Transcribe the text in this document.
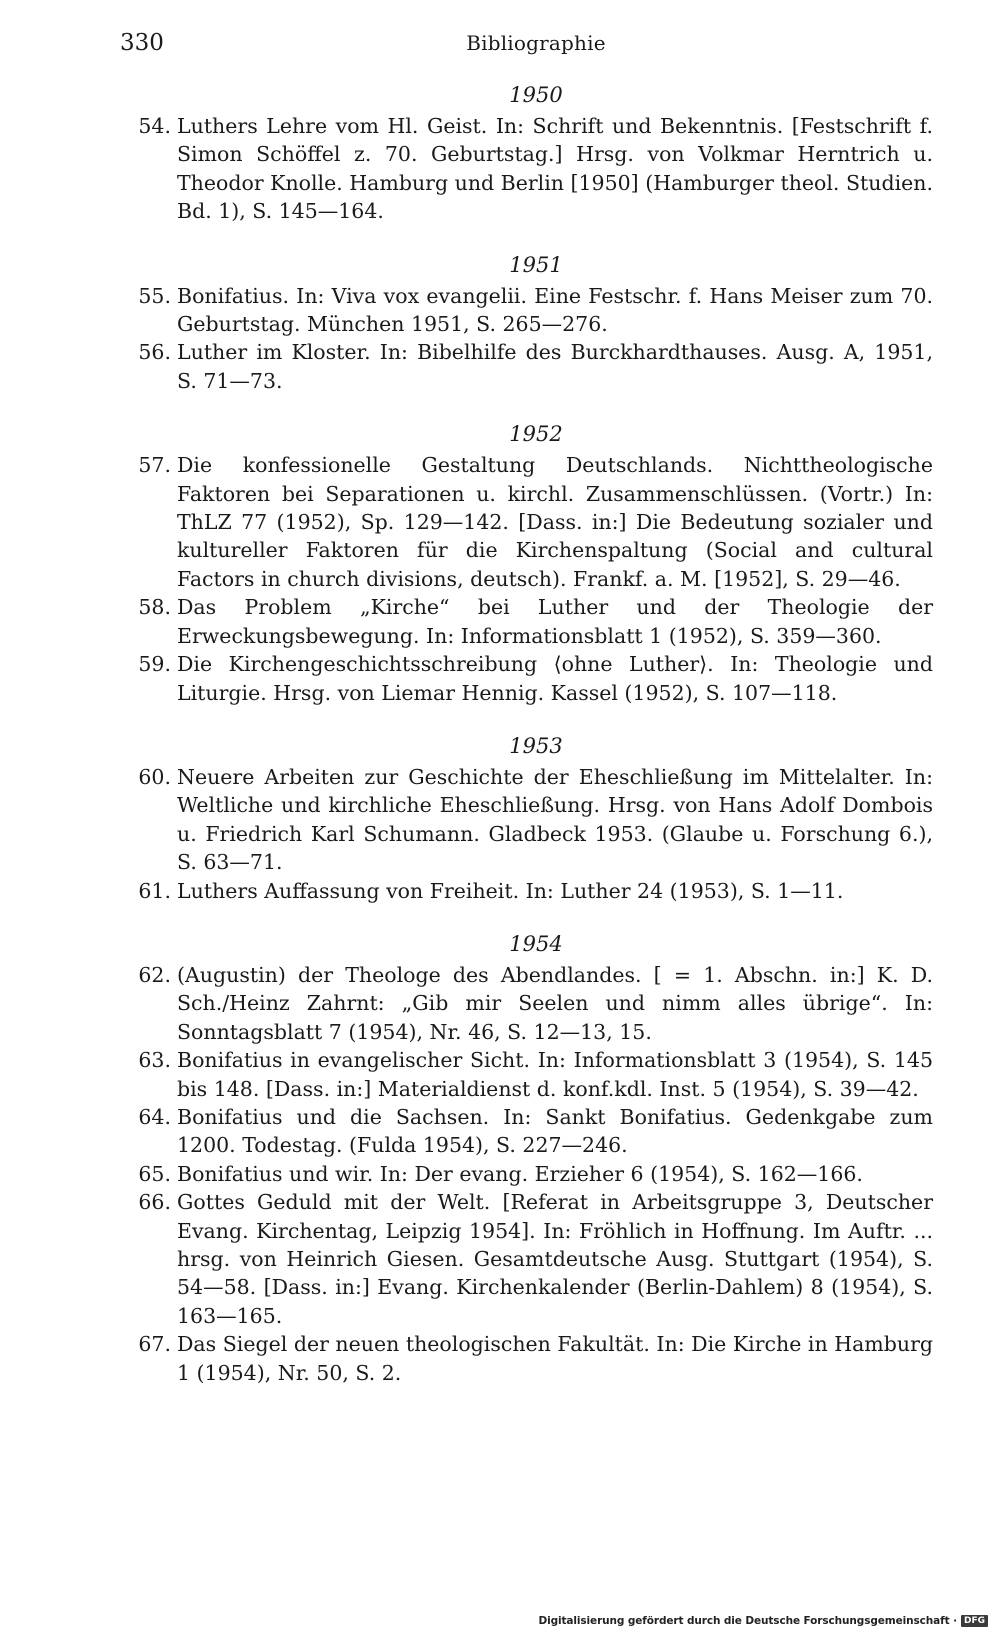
330	Bibliographie
1950
54. Luthers Lehre vom Hl. Geist. In: Schrift und Bekenntnis. [Festschrift f. Simon Schöffel z. 70. Geburtstag.] Hrsg. von Volkmar Herntrich u. Theodor Knolle. Hamburg und Berlin [1950] (Hamburger theol. Studien. Bd. 1), S. 145—164.
1951
55. Bonifatius. In: Viva vox evangelii. Eine Festschr. f. Hans Meiser zum 70. Geburtstag. München 1951, S. 265—276.
56. Luther im Kloster. In: Bibelhilfe des Burckhardthauses. Ausg. A, 1951, S. 71—73.
1952
57. Die konfessionelle Gestaltung Deutschlands. Nichttheologische Faktoren bei Separationen u. kirchl. Zusammenschlüssen. (Vortr.) In: ThLZ 77 (1952), Sp. 129—142. [Dass. in:] Die Bedeutung sozialer und kultureller Faktoren für die Kirchenspaltung (Social and cultural Factors in church divisions, deutsch). Frankf. a. M. [1952], S. 29—46.
58. Das Problem „Kirche“ bei Luther und der Theologie der Erweckungsbewegung. In: Informationsblatt 1 (1952), S. 359—360.
59. Die Kirchengeschichtsschreibung ⟨ohne Luther⟩. In: Theologie und Liturgie. Hrsg. von Liemar Hennig. Kassel (1952), S. 107—118.
1953
60. Neuere Arbeiten zur Geschichte der Eheschließung im Mittelalter. In: Weltliche und kirchliche Eheschließung. Hrsg. von Hans Adolf Dombois u. Friedrich Karl Schumann. Gladbeck 1953. (Glaube u. Forschung 6.), S. 63—71.
61. Luthers Auffassung von Freiheit. In: Luther 24 (1953), S. 1—11.
1954
62. (Augustin) der Theologe des Abendlandes. [ = 1. Abschn. in:] K. D. Sch./Heinz Zahrnt: „Gib mir Seelen und nimm alles übrige“. In: Sonntagsblatt 7 (1954), Nr. 46, S. 12—13, 15.
63. Bonifatius in evangelischer Sicht. In: Informationsblatt 3 (1954), S. 145 bis 148. [Dass. in:] Materialdienst d. konf.kdl. Inst. 5 (1954), S. 39—42.
64. Bonifatius und die Sachsen. In: Sankt Bonifatius. Gedenkgabe zum 1200. Todestag. (Fulda 1954), S. 227—246.
65. Bonifatius und wir. In: Der evang. Erzieher 6 (1954), S. 162—166.
66. Gottes Geduld mit der Welt. [Referat in Arbeitsgruppe 3, Deutscher Evang. Kirchentag, Leipzig 1954]. In: Fröhlich in Hoffnung. Im Auftr. ... hrsg. von Heinrich Giesen. Gesamtdeutsche Ausg. Stuttgart (1954), S. 54—58. [Dass. in:] Evang. Kirchenkalender (Berlin-Dahlem) 8 (1954), S. 163—165.
67. Das Siegel der neuen theologischen Fakultät. In: Die Kirche in Hamburg 1 (1954), Nr. 50, S. 2.
Digitalisierung gefördert durch die Deutsche Forschungsgemeinschaft · DFG
